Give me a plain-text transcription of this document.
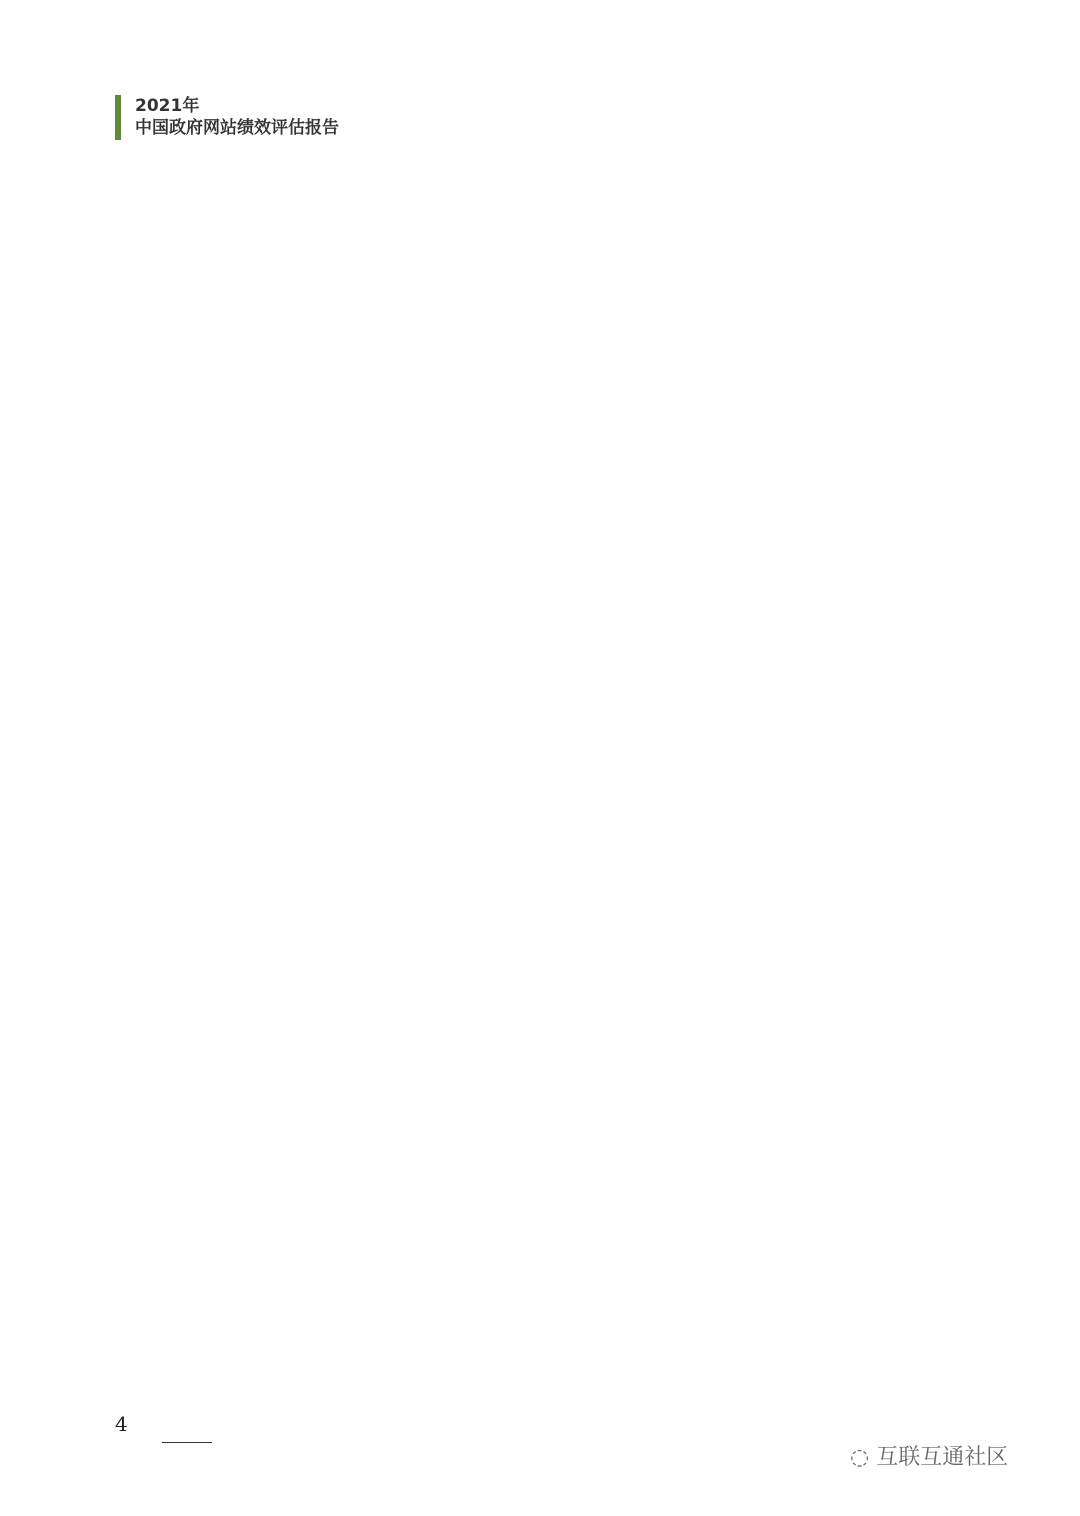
2021年
中国政府网站绩效评估报告
4
◌ 互联互通社区
